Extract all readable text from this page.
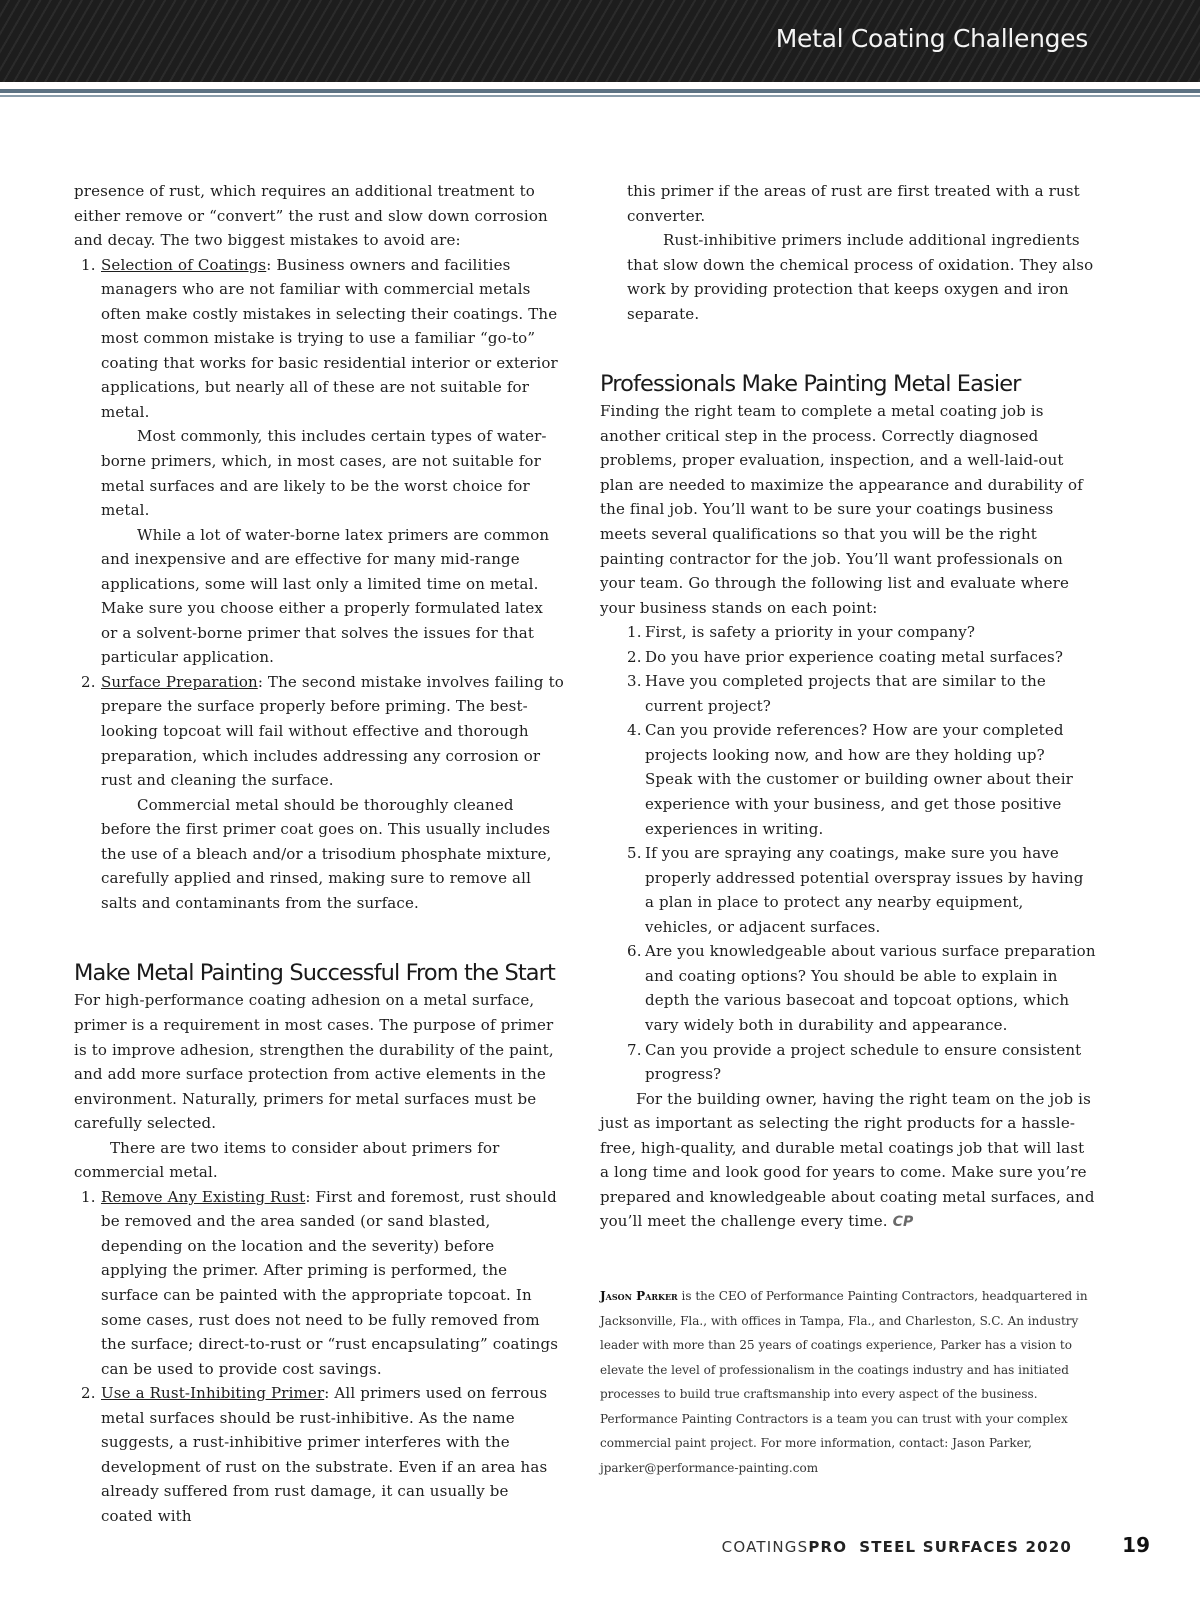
Metal Coating Challenges

presence of rust, which requires an additional treatment to either remove or “convert” the rust and slow down corrosion and decay. The two biggest mistakes to avoid are:

1. Selection of Coatings: Business owners and facilities managers who are not familiar with commercial metals often make costly mistakes in selecting their coatings. The most common mistake is trying to use a familiar “go-to” coating that works for basic residential interior or exterior applications, but nearly all of these are not suitable for metal.

Most commonly, this includes certain types of water-borne primers, which, in most cases, are not suitable for metal surfaces and are likely to be the worst choice for metal.

While a lot of water-borne latex primers are common and inexpensive and are effective for many mid-range applications, some will last only a limited time on metal. Make sure you choose either a properly formulated latex or a solvent-borne primer that solves the issues for that particular application.

2. Surface Preparation: The second mistake involves failing to prepare the surface properly before priming. The best-looking topcoat will fail without effective and thorough preparation, which includes addressing any corrosion or rust and cleaning the surface.

Commercial metal should be thoroughly cleaned before the first primer coat goes on. This usually includes the use of a bleach and/or a trisodium phosphate mixture, carefully applied and rinsed, making sure to remove all salts and contaminants from the surface.

Make Metal Painting Successful From the Start

For high-performance coating adhesion on a metal surface, primer is a requirement in most cases. The purpose of primer is to improve adhesion, strengthen the durability of the paint, and add more surface protection from active elements in the environment. Naturally, primers for metal surfaces must be carefully selected.

There are two items to consider about primers for commercial metal.

1. Remove Any Existing Rust: First and foremost, rust should be removed and the area sanded (or sand blasted, depending on the location and the severity) before applying the primer. After priming is performed, the surface can be painted with the appropriate topcoat. In some cases, rust does not need to be fully removed from the surface; direct-to-rust or “rust encapsulating” coatings can be used to provide cost savings.
2. Use a Rust-Inhibiting Primer: All primers used on ferrous metal surfaces should be rust-inhibitive. As the name suggests, a rust-inhibitive primer interferes with the development of rust on the substrate. Even if an area has already suffered from rust damage, it can usually be coated with

this primer if the areas of rust are first treated with a rust converter.

Rust-inhibitive primers include additional ingredients that slow down the chemical process of oxidation. They also work by providing protection that keeps oxygen and iron separate.

Professionals Make Painting Metal Easier

Finding the right team to complete a metal coating job is another critical step in the process. Correctly diagnosed problems, proper evaluation, inspection, and a well-laid-out plan are needed to maximize the appearance and durability of the final job. You’ll want to be sure your coatings business meets several qualifications so that you will be the right painting contractor for the job. You’ll want professionals on your team. Go through the following list and evaluate where your business stands on each point:

1. First, is safety a priority in your company?
2. Do you have prior experience coating metal surfaces?
3. Have you completed projects that are similar to the current project?
4. Can you provide references? How are your completed projects looking now, and how are they holding up? Speak with the customer or building owner about their experience with your business, and get those positive experiences in writing.
5. If you are spraying any coatings, make sure you have properly addressed potential overspray issues by having a plan in place to protect any nearby equipment, vehicles, or adjacent surfaces.
6. Are you knowledgeable about various surface preparation and coating options? You should be able to explain in depth the various basecoat and topcoat options, which vary widely both in durability and appearance.
7. Can you provide a project schedule to ensure consistent progress?

For the building owner, having the right team on the job is just as important as selecting the right products for a hassle-free, high-quality, and durable metal coatings job that will last a long time and look good for years to come. Make sure you’re prepared and knowledgeable about coating metal surfaces, and you’ll meet the challenge every time. CP

Jason Parker is the CEO of Performance Painting Contractors, headquartered in Jacksonville, Fla., with offices in Tampa, Fla., and Charleston, S.C. An industry leader with more than 25 years of coatings experience, Parker has a vision to elevate the level of professionalism in the coatings industry and has initiated processes to build true craftsmanship into every aspect of the business. Performance Painting Contractors is a team you can trust with your complex commercial paint project. For more information, contact: Jason Parker, jparker@performance-painting.com
COATINGSPRO STEEL SURFACES 2020	19
